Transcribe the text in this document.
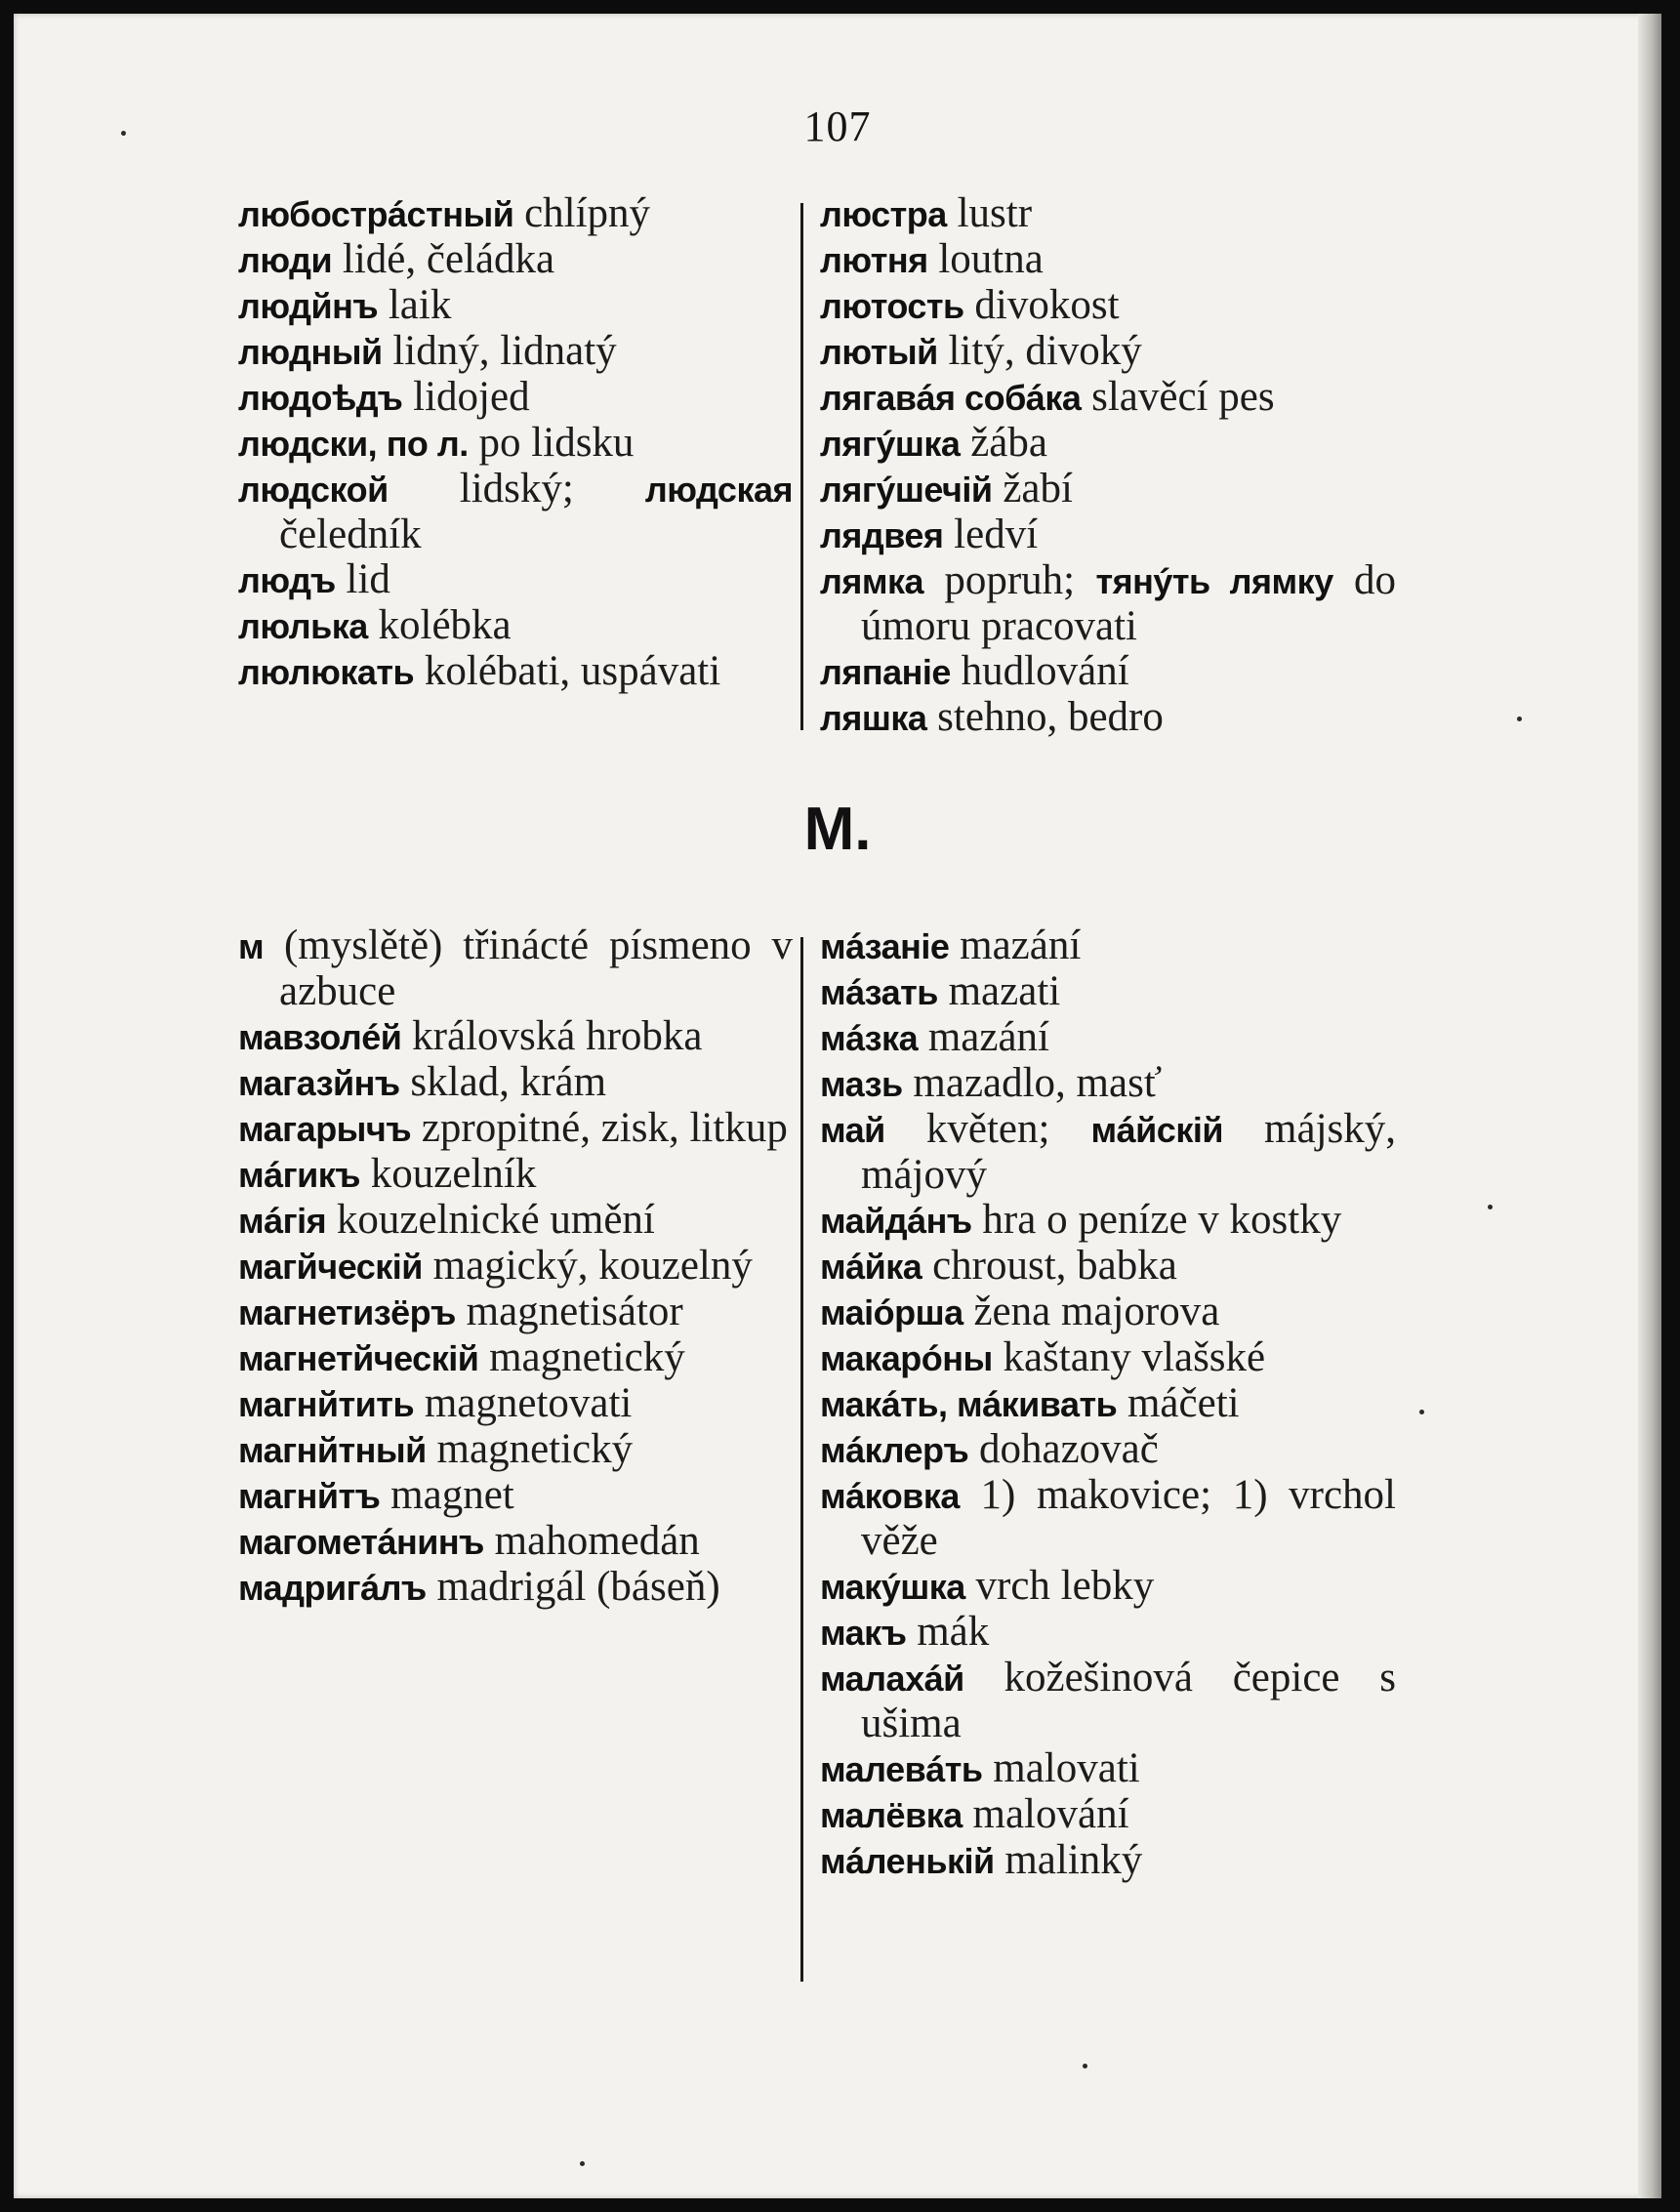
107
любострáстный chlípný
люди lidé, čeládka
людйнъ laik
людный lidný, lidnatý
людоѣдъ lidojed
людски, по л. po lidsku
людской lidský; людская čeledník
людъ lid
люлька kolébka
люлюкать kolébati, uspávati
люстра lustr
лютня loutna
лютость divokost
лютый litý, divoký
лягавáя собáка slavěcí pes
лягýшка žába
лягýшечій žabí
лядвея ledví
лямка popruh; тянýть лямку do úmoru pracovati
ляпаніе hudlování
ляшка stehno, bedro
M.
м (myslětě) třinácté písmeno v azbuce
мавзолéй královská hrobka
магазйнъ sklad, krám
магарычъ zpropitné, zisk, litkup
мáгикъ kouzelník
мáгія kouzelnické umění
магйческій magický, kouzelný
магнетизёръ magnetisátor
магнетйческій magnetický
магнйтить magnetovati
магнйтный magnetický
магнйтъ magnet
магометáнинъ mahomedán
мадригáлъ madrigál (báseň)
мáзаніе mazání
мáзать mazati
мáзка mazání
мазь mazadlo, masť
май květen; мáйскій májský, májový
майдáнъ hra o peníze v kostky
мáйка chroust, babka
маіóрша žena majorova
макарóны kaštany vlašské
макáть, мáкивать máčeti
мáклеръ dohazovač
мáковка 1) makovice; 1) vrchol věže
макýшка vrch lebky
макъ mák
малахáй kožešinová čepice s ušima
малевáть malovati
малёвка malování
мáленькій malinký
